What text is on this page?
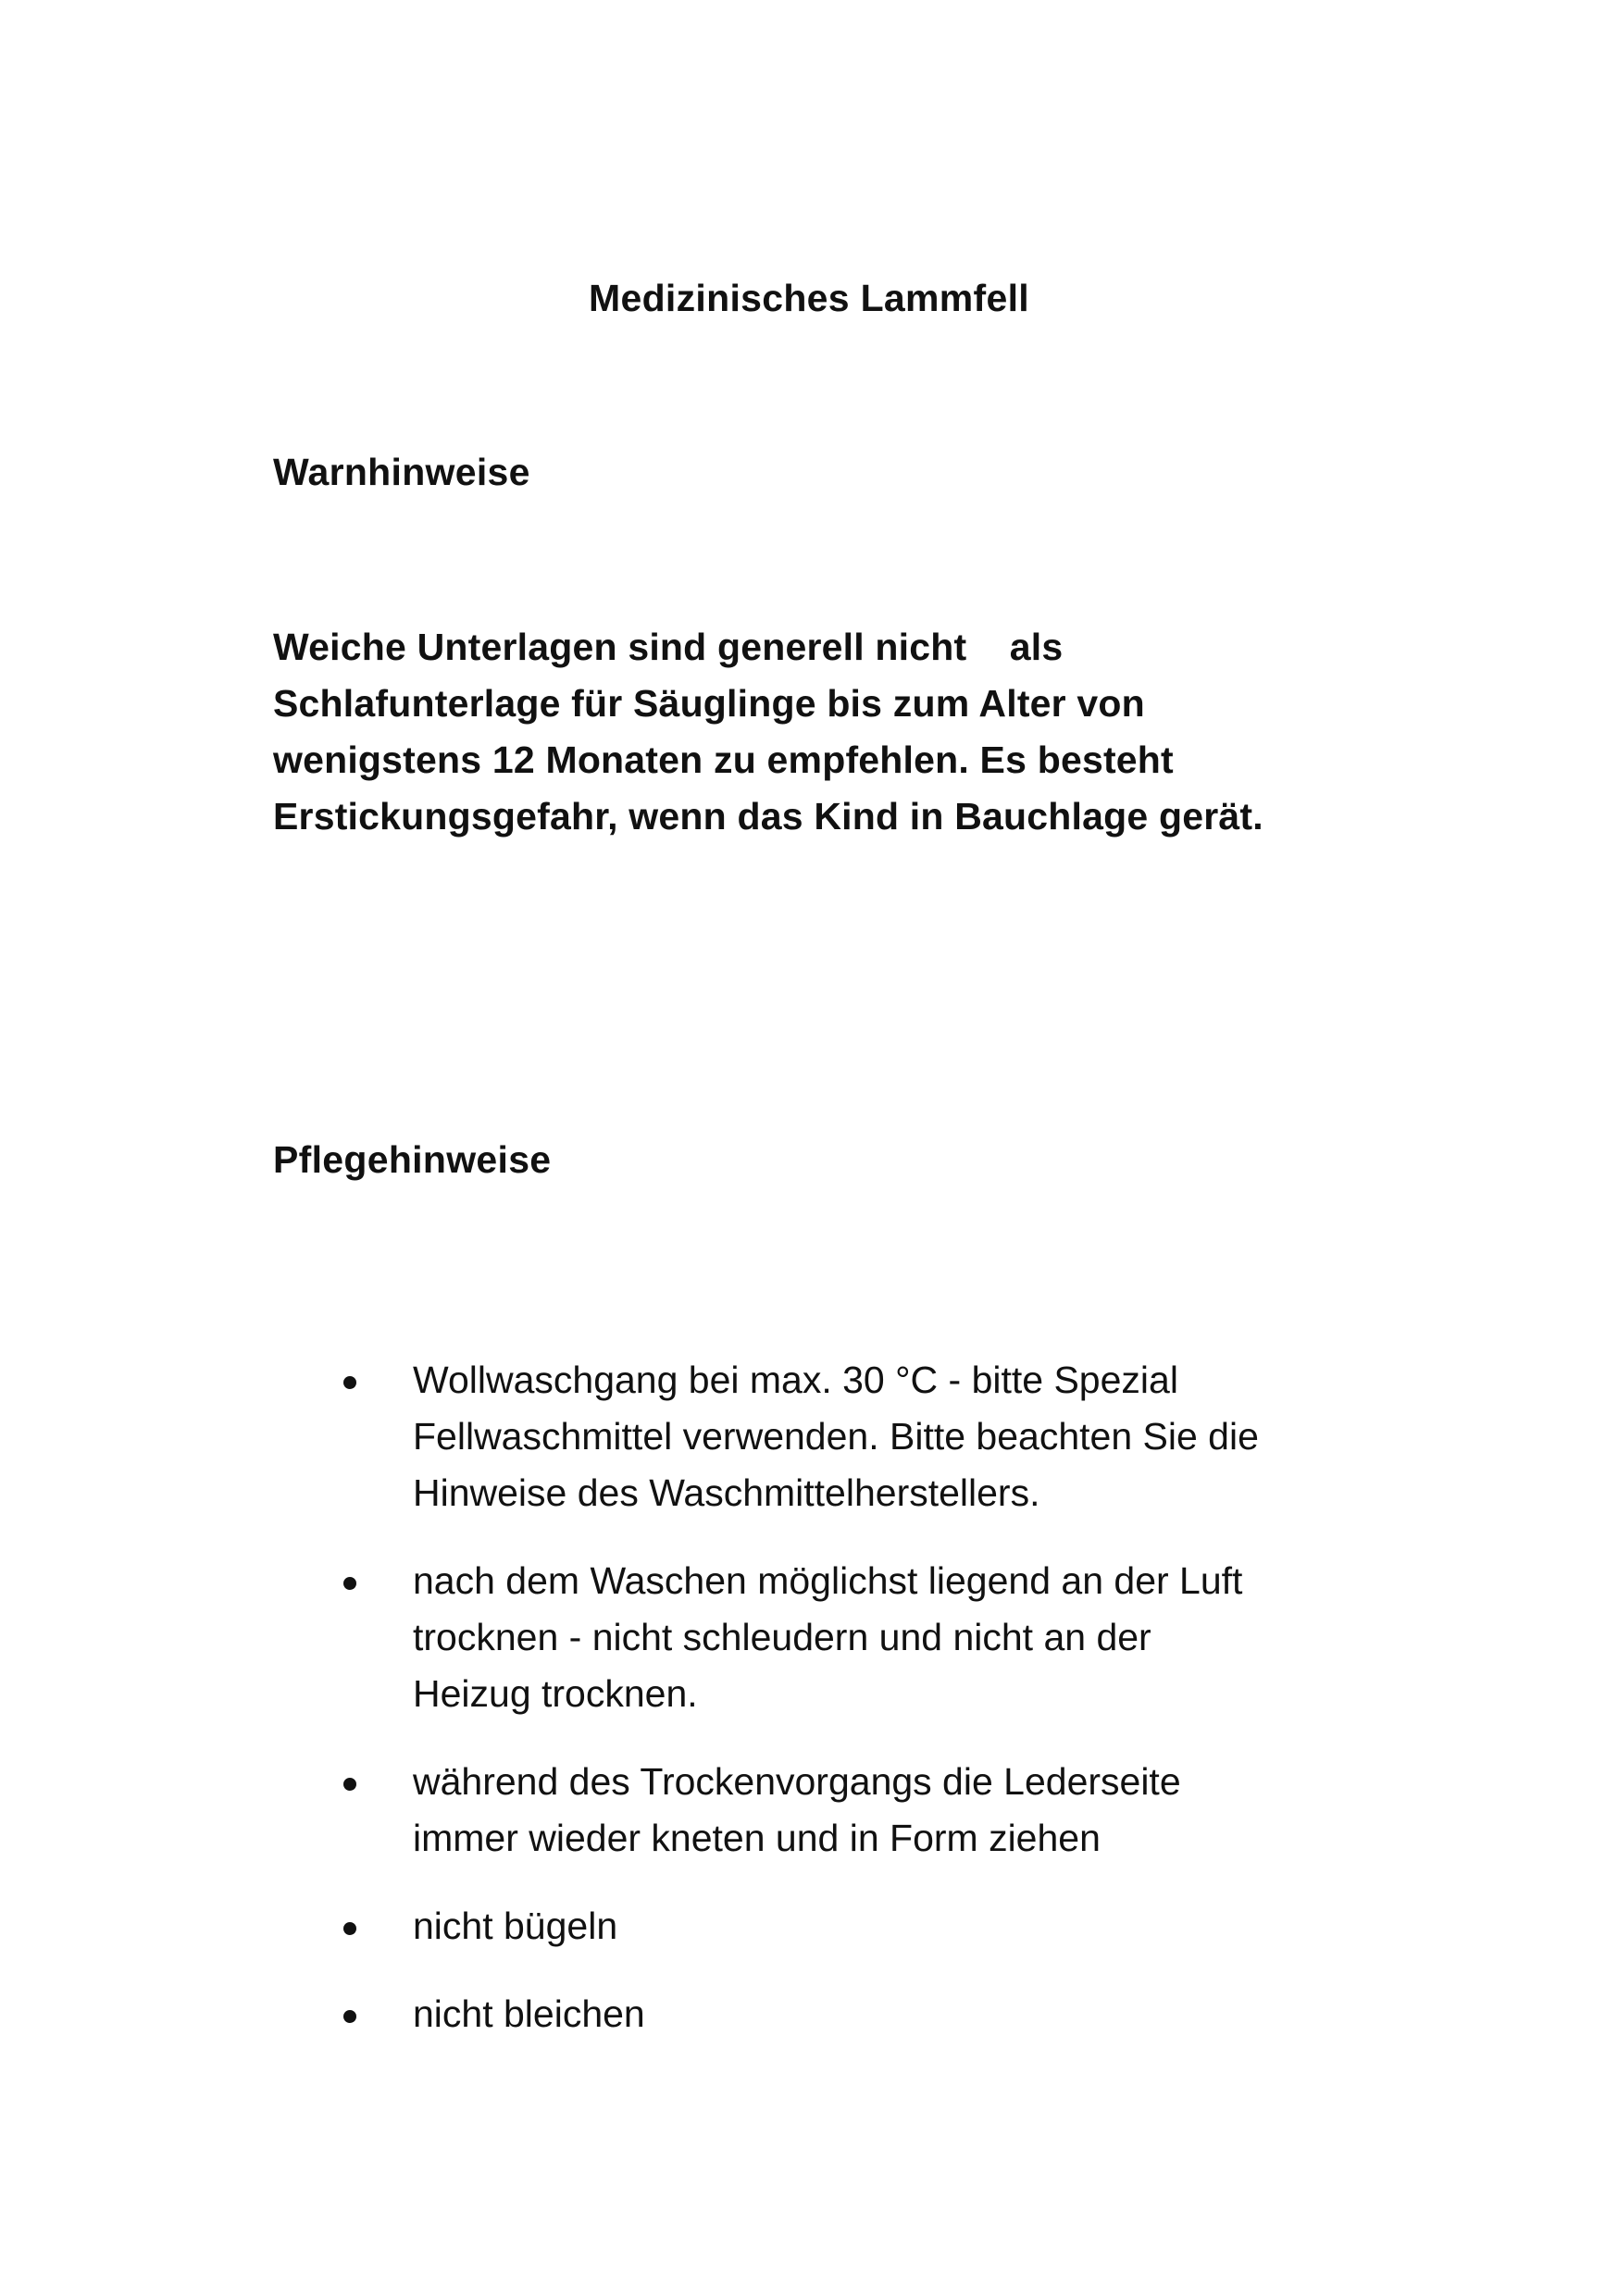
Medizinisches Lammfell
Warnhinweise
Weiche Unterlagen sind generell nicht    als
Schlafunterlage für Säuglinge bis zum Alter von
wenigstens 12 Monaten zu empfehlen. Es besteht
Erstickungsgefahr, wenn das Kind in Bauchlage gerät.
Pflegehinweise
Wollwaschgang bei max. 30 °C - bitte Spezial
Fellwaschmittel verwenden. Bitte beachten Sie die
Hinweise des Waschmittelherstellers.
nach dem Waschen möglichst liegend an der Luft
trocknen - nicht schleudern und nicht an der
Heizug trocknen.
während des Trockenvorgangs die Lederseite
immer wieder kneten und in Form ziehen
nicht bügeln
nicht bleichen
